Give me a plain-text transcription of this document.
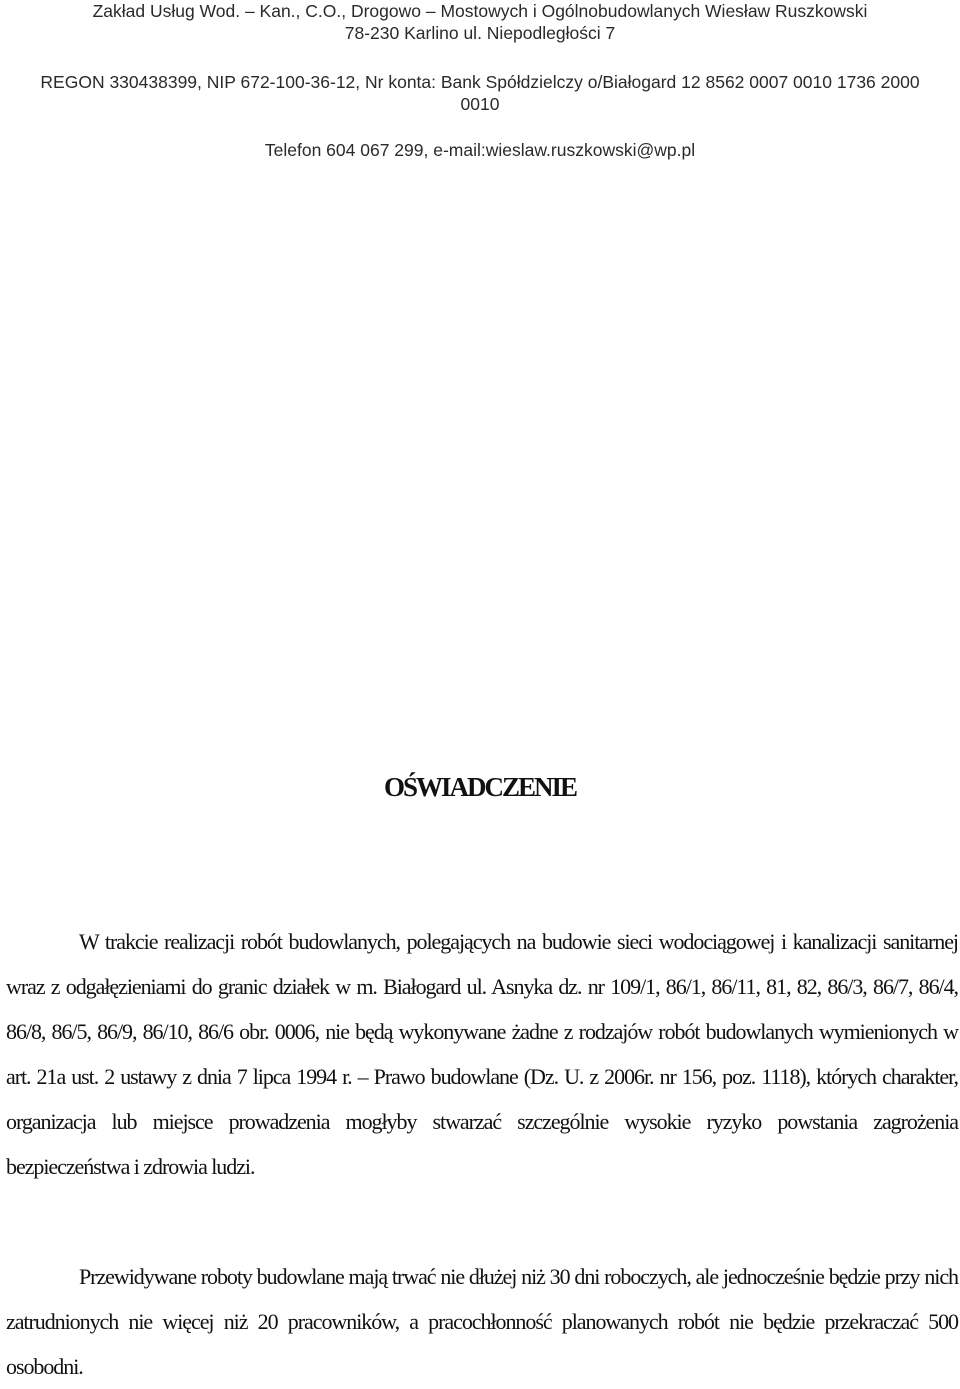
Zakład Usług Wod. – Kan., C.O., Drogowo – Mostowych i Ogólnobudowlanych Wiesław Ruszkowski
78-230 Karlino ul. Niepodległości 7
REGON 330438399, NIP 672-100-36-12, Nr konta: Bank Spółdzielczy o/Białogard 12 8562 0007 0010 1736 2000
0010
Telefon 604 067 299, e-mail:wieslaw.ruszkowski@wp.pl
OŚWIADCZENIE
W trakcie realizacji robót budowlanych, polegających na budowie sieci wodociągowej i kanalizacji sanitarnej wraz z odgałęzieniami do granic działek w m. Białogard ul. Asnyka dz. nr 109/1, 86/1, 86/11, 81, 82, 86/3, 86/7, 86/4, 86/8, 86/5, 86/9, 86/10, 86/6 obr. 0006, nie będą wykonywane żadne z rodzajów robót budowlanych wymienionych w art. 21a ust. 2 ustawy z dnia 7 lipca 1994 r. – Prawo budowlane (Dz. U. z 2006r. nr 156, poz. 1118), których charakter, organizacja lub miejsce prowadzenia mogłyby stwarzać szczególnie wysokie ryzyko powstania zagrożenia bezpieczeństwa i zdrowia ludzi.
Przewidywane roboty budowlane mają trwać nie dłużej niż 30 dni roboczych, ale jednocześnie będzie przy nich zatrudnionych nie więcej niż 20 pracowników, a pracochłonność planowanych robót nie będzie przekraczać 500 osobodni.
